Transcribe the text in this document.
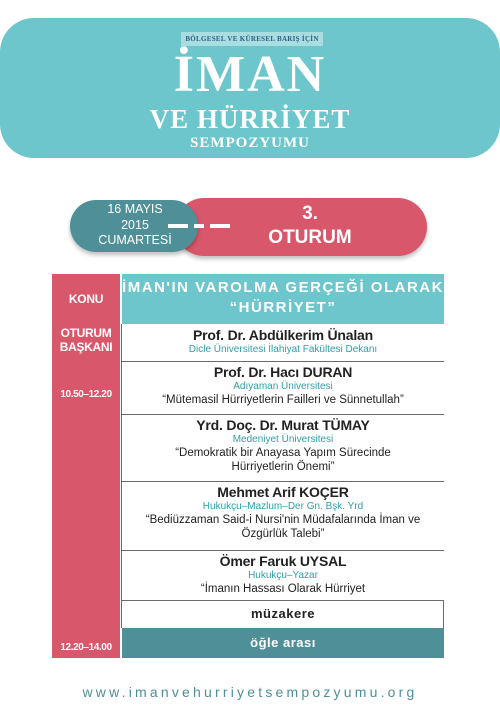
BÖLGESEL VE KÜRESEL BARIŞ İÇİN
İMAN
VE HÜRRİYET
SEMPOZYUMU
3.
OTURUM
16 MAYIS
2015
CUMARTESİ
KONU
OTURUM
BAŞKANI
10.50–12.20
12.20–14.00
İMAN'IN VAROLMA GERÇEĞİ OLARAK
“HÜRRİYET”
Prof. Dr. Abdülkerim Ünalan
Dicle Üniversitesi İlahiyat Fakültesi Dekanı
Prof. Dr. Hacı DURAN
Adıyaman Üniversitesi
“Mütemasil Hürriyetlerin Failleri ve Sünnetullah”
Yrd. Doç. Dr. Murat TÜMAY
Medeniyet Üniversitesi
“Demokratik bir Anayasa Yapım Sürecinde Hürriyetlerin Önemi”
Mehmet Arif KOÇER
Hukukçu–Mazlum–Der Gn. Bşk. Yrd
“Bediüzzaman Said-i Nursi'nin Müdafalarında İman ve Özgürlük Talebi”
Ömer Faruk UYSAL
Hukukçu–Yazar
“İmanın Hassası Olarak Hürriyet
müzakere
öğle arası
www.imanvehurriyetsempozyumu.org
